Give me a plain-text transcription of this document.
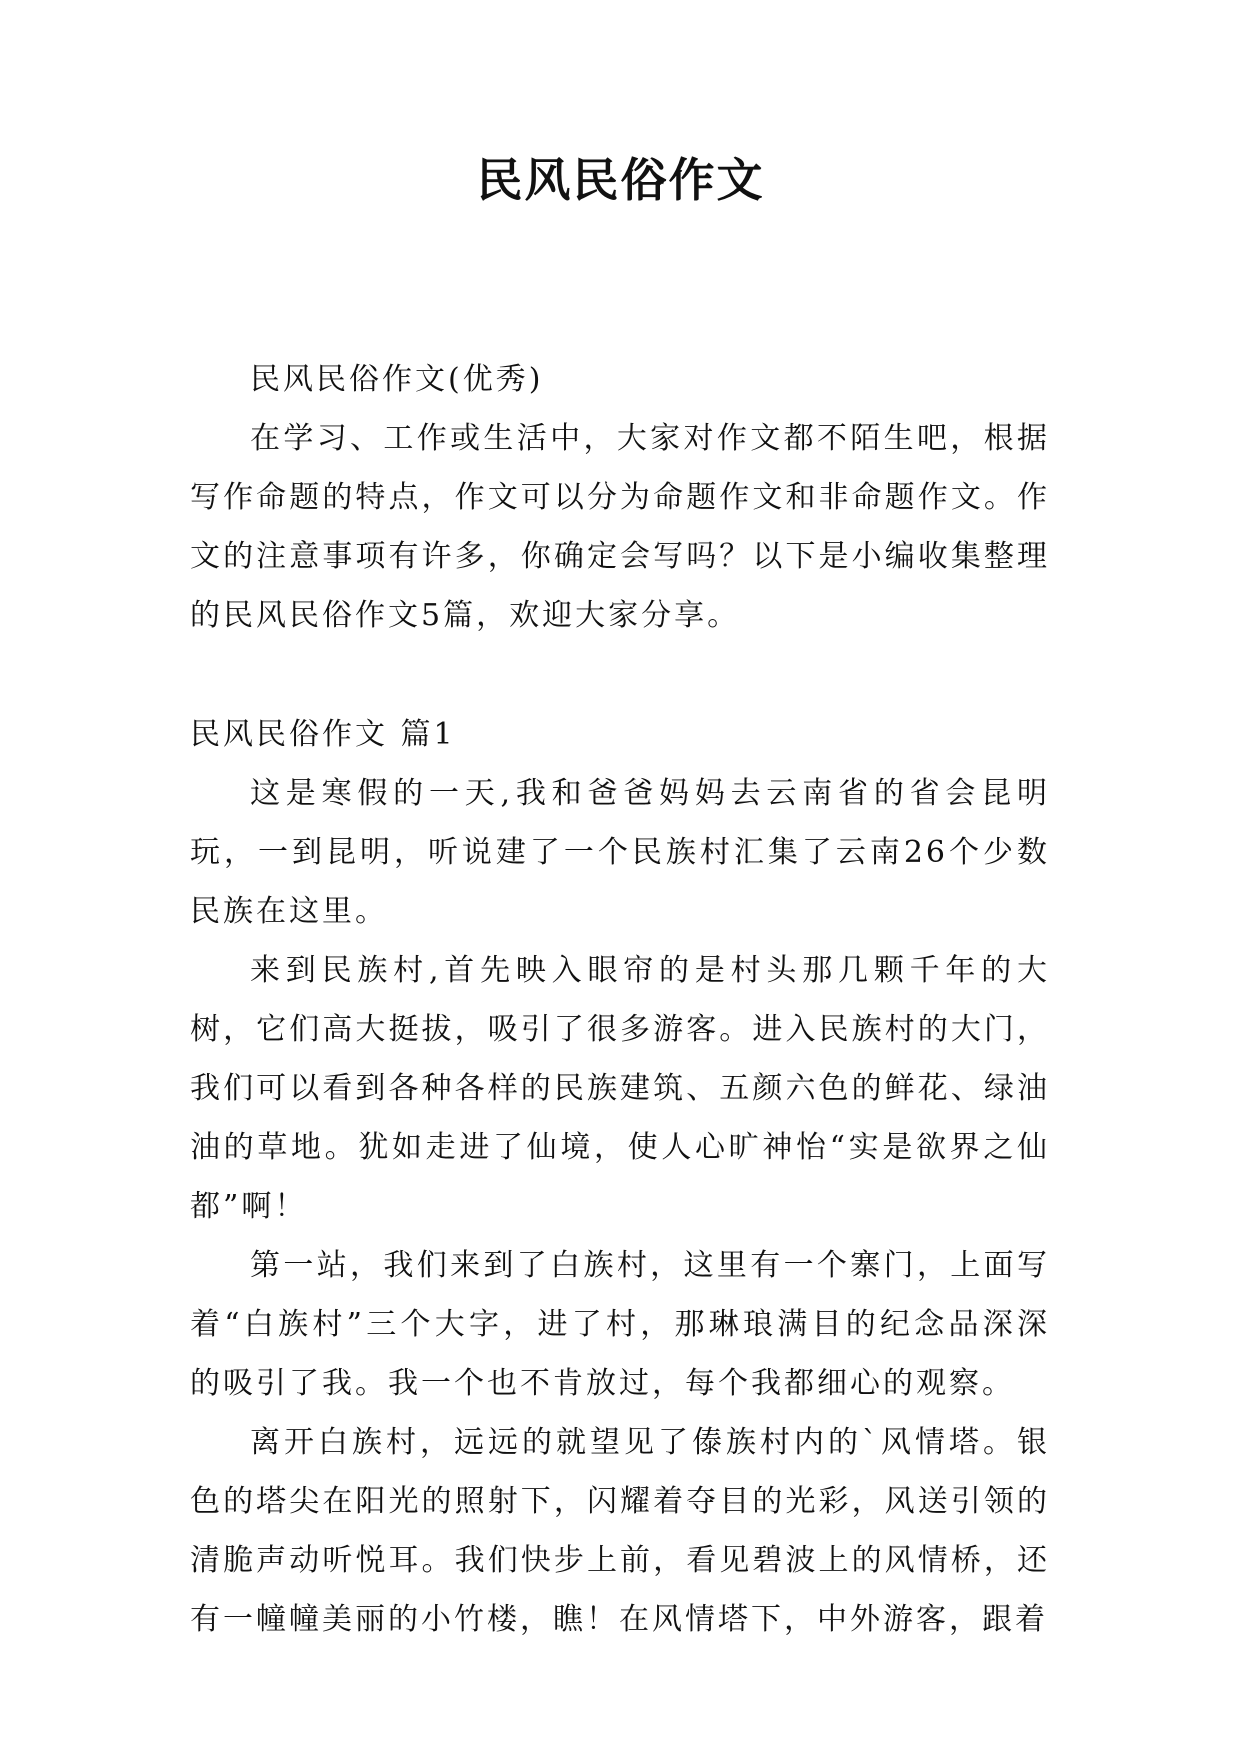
民风民俗作文

民风民俗作文(优秀)

在学习、工作或生活中，大家对作文都不陌生吧，根据写作命题的特点，作文可以分为命题作文和非命题作文。作文的注意事项有许多，你确定会写吗？以下是小编收集整理的民风民俗作文5篇，欢迎大家分享。

民风民俗作文 篇1

这是寒假的一天,我和爸爸妈妈去云南省的省会昆明玩，一到昆明，听说建了一个民族村汇集了云南26个少数民族在这里。

来到民族村,首先映入眼帘的是村头那几颗千年的大树，它们高大挺拔，吸引了很多游客。进入民族村的大门，我们可以看到各种各样的民族建筑、五颜六色的鲜花、绿油油的草地。犹如走进了仙境，使人心旷神怡“实是欲界之仙都”啊！

第一站，我们来到了白族村，这里有一个寨门，上面写着“白族村”三个大字，进了村，那琳琅满目的纪念品深深的吸引了我。我一个也不肯放过，每个我都细心的观察。

离开白族村，远远的就望见了傣族村内的`风情塔。银色的塔尖在阳光的照射下，闪耀着夺目的光彩，风送引领的清脆声动听悦耳。我们快步上前，看见碧波上的风情桥，还有一幢幢美丽的小竹楼，瞧！在风情塔下，中外游客，跟着
